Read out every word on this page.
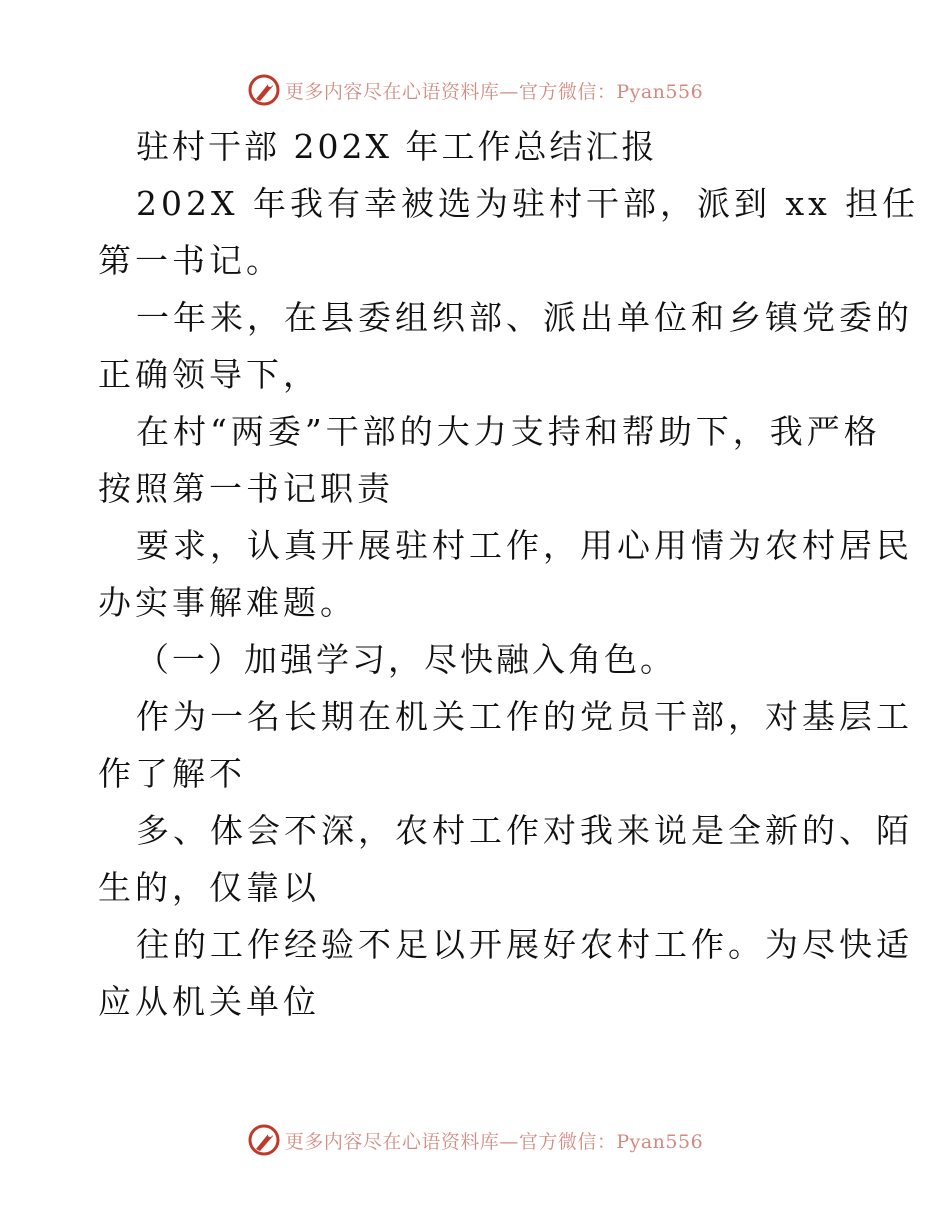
更多内容尽在心语资料库—官方微信：Pyan556
驻村干部 202X 年工作总结汇报
202X 年我有幸被选为驻村干部，派到 xx 担任
第一书记。
一年来，在县委组织部、派出单位和乡镇党委的
正确领导下，
在村“两委”干部的大力支持和帮助下，我严格
按照第一书记职责
要求，认真开展驻村工作，用心用情为农村居民
办实事解难题。
（一）加强学习，尽快融入角色。
作为一名长期在机关工作的党员干部，对基层工
作了解不
多、体会不深，农村工作对我来说是全新的、陌
生的，仅靠以
往的工作经验不足以开展好农村工作。为尽快适
应从机关单位
更多内容尽在心语资料库—官方微信：Pyan556
